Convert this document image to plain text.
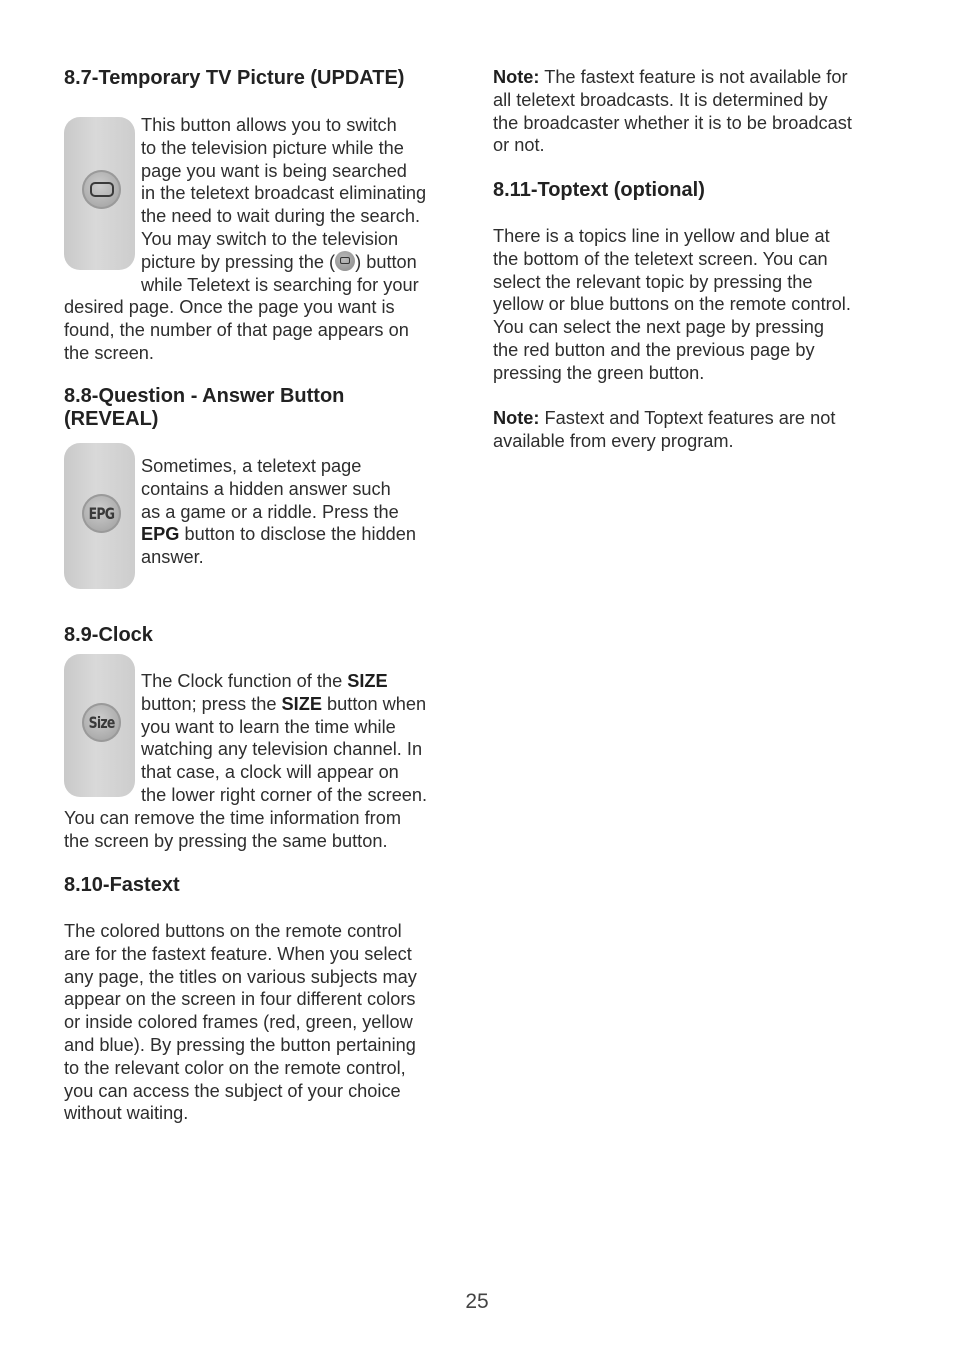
8.7-Temporary TV Picture (UPDATE)

This button allows you to switch

to the television picture while the

page you want is being searched

in the teletext broadcast eliminating

the need to wait during the search.

You may switch to the television

picture by pressing the ( ) button

while Teletext is searching for your

desired page. Once the page you want is

found, the number of that page appears on

the screen.

8.8-Question - Answer Button
(REVEAL)
EPG

Sometimes, a teletext page

contains a hidden answer such

as a game or a riddle. Press the

EPG button to disclose the hidden

answer.

8.9-Clock
Size

The Clock function of the SIZE

button; press the SIZE button when

you want to learn the time while

watching any television channel. In

that case, a clock will appear on

the lower right corner of the screen.

You can remove the time information from

the screen by pressing the same button.

8.10-Fastext

The colored buttons on the remote control

are for the fastext feature. When you select

any page, the titles on various subjects may

appear on the screen in four different colors

or inside colored frames (red, green, yellow

and blue). By pressing the button pertaining

to the relevant color on the remote control,

you can access the subject of your choice

without waiting.

Note: The fastext feature is not available for

all teletext broadcasts. It is determined by

the broadcaster whether it is to be broadcast

or not.

8.11-Toptext (optional)

There is a topics line in yellow and blue at

the bottom of the teletext screen. You can

select the relevant topic by pressing the

yellow or blue buttons on the remote control.

You can select the next page by pressing

the red button and the previous page by

pressing the green button.

Note: Fastext and Toptext features are not

available from every program.

25
